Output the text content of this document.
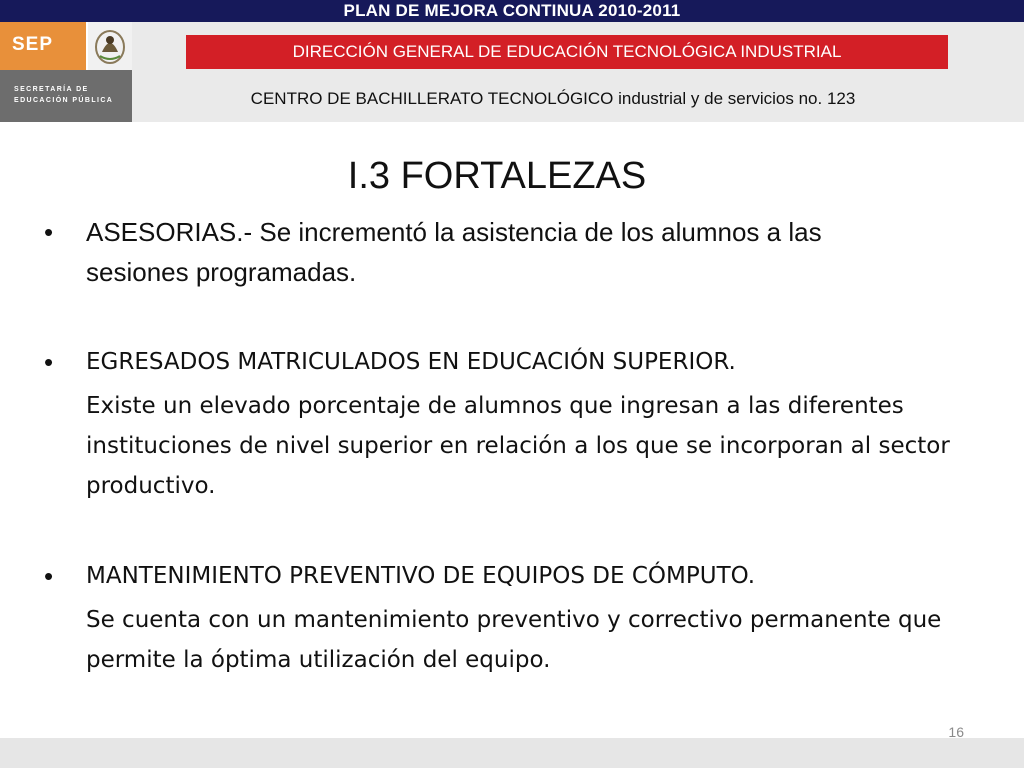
PLAN DE MEJORA CONTINUA 2010-2011
SEP
SECRETARÍA DE
EDUCACIÓN PÚBLICA
DIRECCIÓN GENERAL DE EDUCACIÓN TECNOLÓGICA INDUSTRIAL
CENTRO DE BACHILLERATO TECNOLÓGICO industrial y de servicios no. 123
I.3 FORTALEZAS
• ASESORIAS.- Se incrementó la asistencia de los alumnos a las sesiones programadas.
• EGRESADOS MATRICULADOS EN EDUCACIÓN SUPERIOR.
Existe un elevado porcentaje de alumnos que ingresan a las diferentes instituciones de nivel superior en relación a los que se incorporan al sector productivo.
• MANTENIMIENTO PREVENTIVO DE EQUIPOS DE CÓMPUTO.
Se cuenta con un mantenimiento preventivo y correctivo permanente que permite la óptima utilización del equipo.
16
